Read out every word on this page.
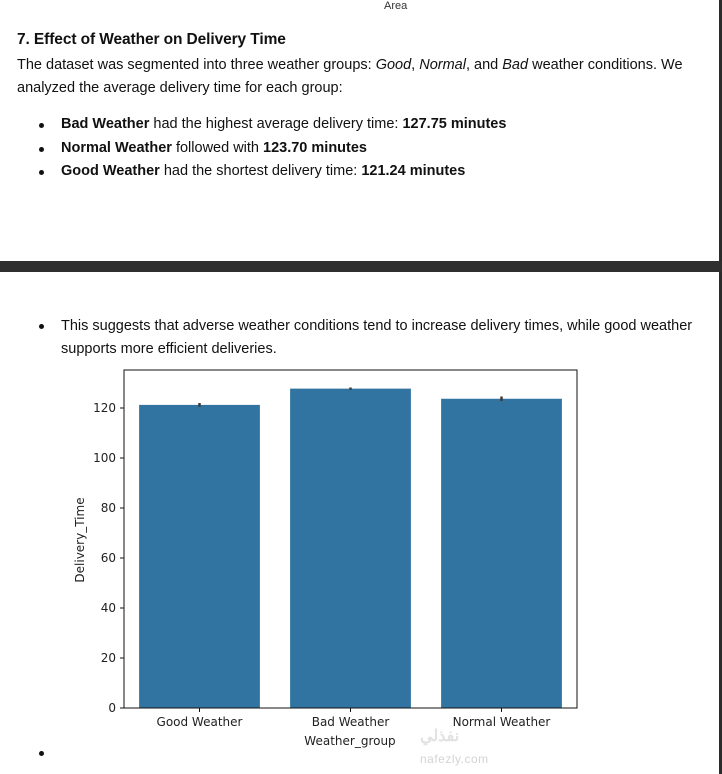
Area
7. Effect of Weather on Delivery Time
The dataset was segmented into three weather groups: Good, Normal, and Bad weather conditions. We analyzed the average delivery time for each group:
Bad Weather had the highest average delivery time: 127.75 minutes
Normal Weather followed with 123.70 minutes
Good Weather had the shortest delivery time: 121.24 minutes
This suggests that adverse weather conditions tend to increase delivery times, while good weather supports more efficient deliveries.
0
20
40
60
80
100
120
Good Weather	Bad Weather	Normal Weather
Delivery_Time
Weather_group نفذلي
nafezly.com
